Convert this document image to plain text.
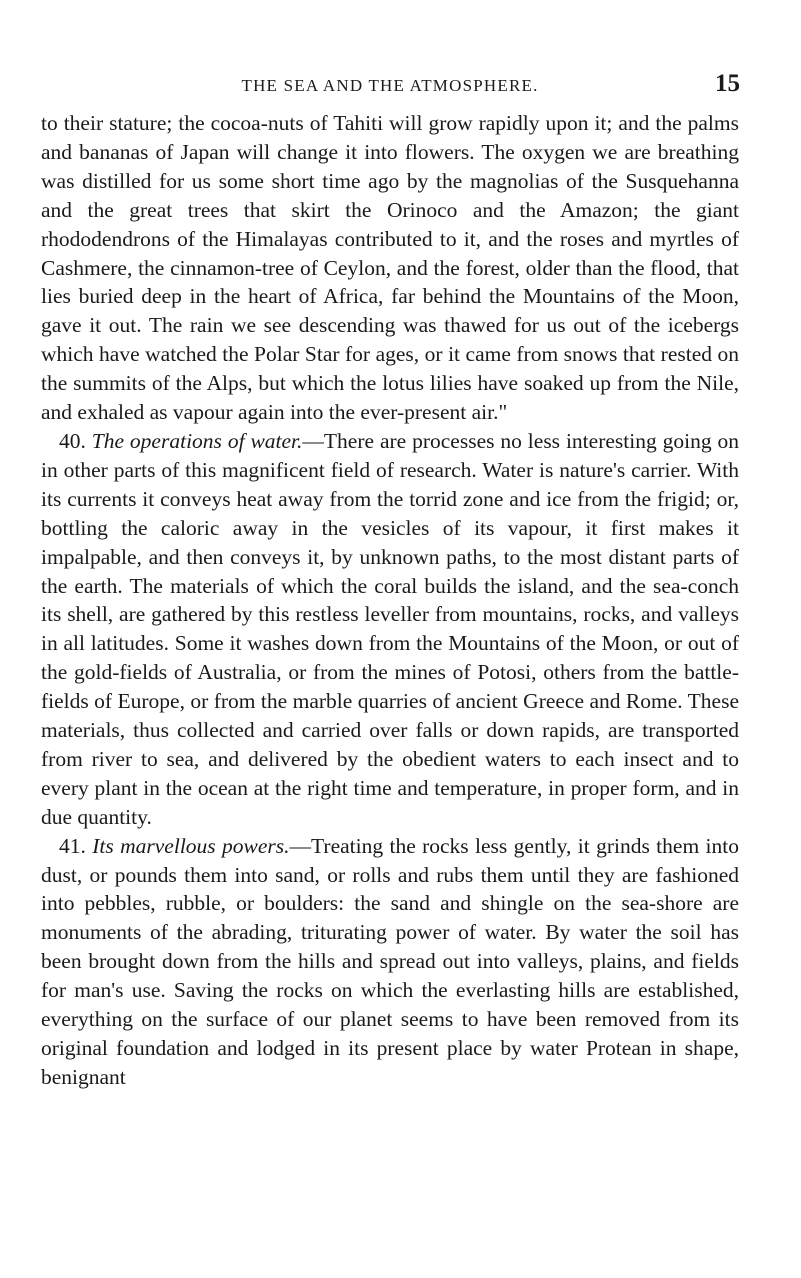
THE SEA AND THE ATMOSPHERE.	15

to their stature; the cocoa-nuts of Tahiti will grow rapidly upon it; and the palms and bananas of Japan will change it into flowers. The oxygen we are breathing was distilled for us some short time ago by the magnolias of the Susquehanna and the great trees that skirt the Orinoco and the Amazon; the giant rhododendrons of the Himalayas contributed to it, and the roses and myrtles of Cashmere, the cinnamon-tree of Ceylon, and the forest, older than the flood, that lies buried deep in the heart of Africa, far behind the Mountains of the Moon, gave it out. The rain we see descending was thawed for us out of the icebergs which have watched the Polar Star for ages, or it came from snows that rested on the summits of the Alps, but which the lotus lilies have soaked up from the Nile, and exhaled as vapour again into the ever-present air."

40. The operations of water.—There are processes no less interesting going on in other parts of this magnificent field of research. Water is nature's carrier. With its currents it conveys heat away from the torrid zone and ice from the frigid; or, bottling the caloric away in the vesicles of its vapour, it first makes it impalpable, and then conveys it, by unknown paths, to the most distant parts of the earth. The materials of which the coral builds the island, and the sea-conch its shell, are gathered by this restless leveller from mountains, rocks, and valleys in all latitudes. Some it washes down from the Mountains of the Moon, or out of the gold-fields of Australia, or from the mines of Potosi, others from the battle-fields of Europe, or from the marble quarries of ancient Greece and Rome. These materials, thus collected and carried over falls or down rapids, are transported from river to sea, and delivered by the obedient waters to each insect and to every plant in the ocean at the right time and temperature, in proper form, and in due quantity.

41. Its marvellous powers.—Treating the rocks less gently, it grinds them into dust, or pounds them into sand, or rolls and rubs them until they are fashioned into pebbles, rubble, or boulders: the sand and shingle on the sea-shore are monuments of the abrading, triturating power of water. By water the soil has been brought down from the hills and spread out into valleys, plains, and fields for man's use. Saving the rocks on which the everlasting hills are established, everything on the surface of our planet seems to have been removed from its original foundation and lodged in its present place by water Protean in shape, benignant
